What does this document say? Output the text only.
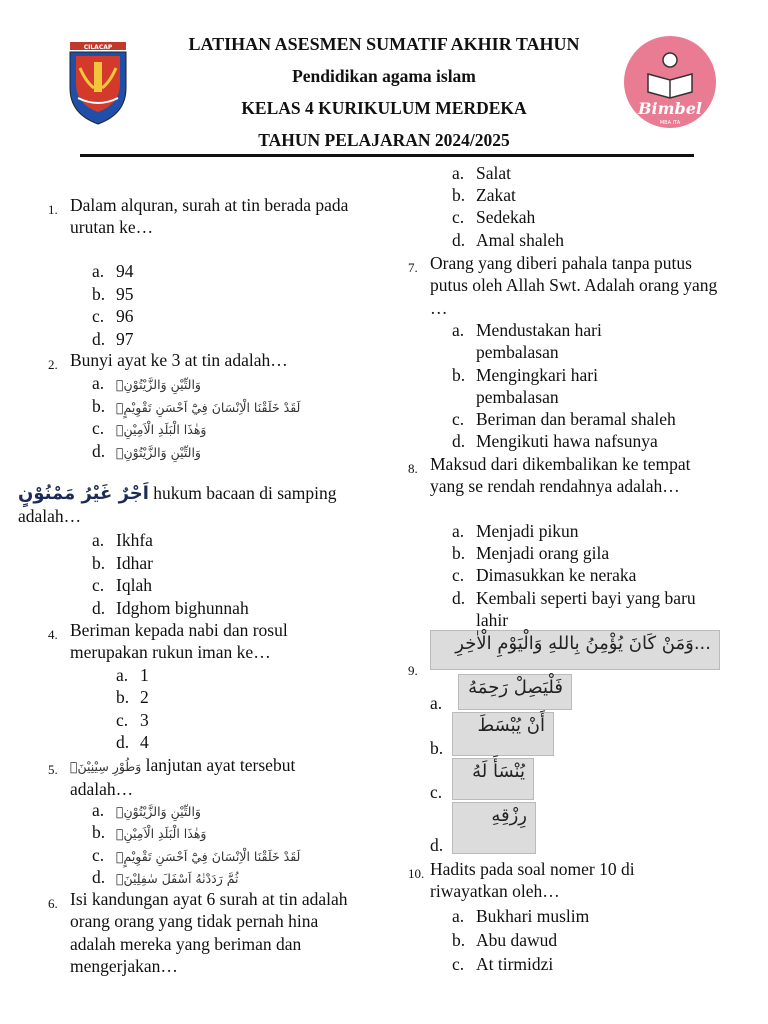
CILACAP	LATIHAN ASESMEN SUMATIF AKHIR TAHUN
Pendidikan agama islam
KELAS 4 KURIKULUM MERDEKA
TAHUN PELAJARAN 2024/2025
Bimbel
MBA ITA
1. Dalam alquran, surah at tin berada pada urutan ke…
a. 94
b. 95
c. 96
d. 97
2. Bunyi ayat ke 3 at tin adalah…
a. وَالتِّيْنِ وَالزَّيْتُوْنِۙ
b. لَقَدْ خَلَقْنَا الْاِنْسَانَ فِيْٓ اَحْسَنِ تَقْوِيْمٍۖ
c. وَهٰذَا الْبَلَدِ الْاَمِيْنِۙ
d. وَالتِّيْنِ وَالزَّيْتُوْنِۙ
اَجْرٌ غَيْرُ مَمْنُوْنٍ hukum bacaan di samping adalah…
a. Ikhfa
b. Idhar
c. Iqlah
d. Idghom bighunnah
4. Beriman kepada nabi dan rosul merupakan rukun iman ke…
a. 1
b. 2
c. 3
d. 4
5. وَطُوْرِ سِيْنِيْنَۙ lanjutan ayat tersebut adalah…
a. وَالتِّيْنِ وَالزَّيْتُوْنِۙ
b. وَهٰذَا الْبَلَدِ الْاَمِيْنِۙ
c. لَقَدْ خَلَقْنَا الْاِنْسَانَ فِيْٓ اَحْسَنِ تَقْوِيْمٍۖ
d. ثُمَّ رَدَدْنٰهُ اَسْفَلَ سٰفِلِيْنَۙ
6. Isi kandungan ayat 6 surah at tin adalah orang orang yang tidak pernah hina adalah mereka yang beriman dan mengerjakan…
a. Salat
b. Zakat
c. Sedekah
d. Amal shaleh
7. Orang yang diberi pahala tanpa putus putus oleh Allah Swt. Adalah orang yang …
a. Mendustakan hari pembalasan
b. Mengingkari hari pembalasan
c. Beriman dan beramal shaleh
d. Mengikuti hawa nafsunya
8. Maksud dari dikembalikan ke tempat yang se rendah rendahnya adalah…
a. Menjadi pikun
b. Menjadi orang gila
c. Dimasukkan ke neraka
d. Kembali seperti bayi yang baru lahir
9.
وَمَنْ كَانَ يُؤْمِنُ بِاللهِ وَالْيَوْمِ الْاٰخِرِ...
a.
فَلْيَصِلْ رَحِمَهُ
b.
أَنْ يُبْسَطَ
c.
يُنْسَأَ لَهُ
d.
رِزْقِهِ
10. Hadits pada soal nomer 10 di riwayatkan oleh…
a. Bukhari muslim
b. Abu dawud
c. At tirmidzi
